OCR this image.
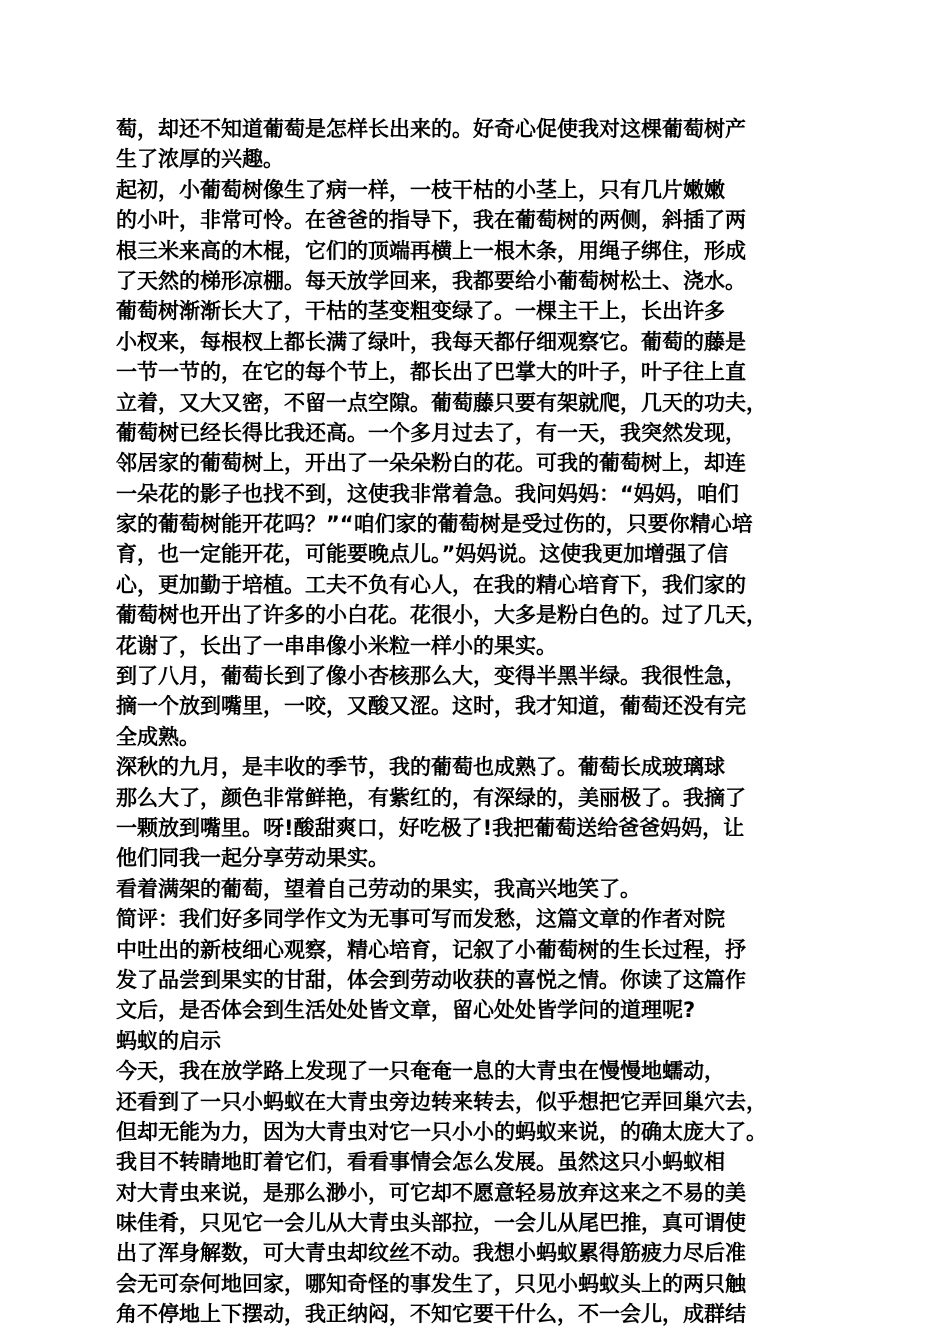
萄，却还不知道葡萄是怎样长出来的。好奇心促使我对这棵葡萄树产
生了浓厚的兴趣。
起初，小葡萄树像生了病一样，一枝干枯的小茎上，只有几片嫩嫩
的小叶，非常可怜。在爸爸的指导下，我在葡萄树的两侧，斜插了两
根三米来高的木棍，它们的顶端再横上一根木条，用绳子绑住，形成
了天然的梯形凉棚。每天放学回来，我都要给小葡萄树松土、浇水。
葡萄树渐渐长大了，干枯的茎变粗变绿了。一棵主干上，长出许多
小杈来，每根杈上都长满了绿叶，我每天都仔细观察它。葡萄的藤是
一节一节的，在它的每个节上，都长出了巴掌大的叶子，叶子往上直
立着，又大又密，不留一点空隙。葡萄藤只要有架就爬，几天的功夫，
葡萄树已经长得比我还高。一个多月过去了，有一天，我突然发现，
邻居家的葡萄树上，开出了一朵朵粉白的花。可我的葡萄树上，却连
一朵花的影子也找不到，这使我非常着急。我问妈妈：“妈妈，咱们
家的葡萄树能开花吗？”“咱们家的葡萄树是受过伤的，只要你精心培
育，也一定能开花，可能要晚点儿。”妈妈说。这使我更加增强了信
心，更加勤于培植。工夫不负有心人，在我的精心培育下，我们家的
葡萄树也开出了许多的小白花。花很小，大多是粉白色的。过了几天，
花谢了，长出了一串串像小米粒一样小的果实。
到了八月，葡萄长到了像小杏核那么大，变得半黑半绿。我很性急，
摘一个放到嘴里，一咬，又酸又涩。这时，我才知道，葡萄还没有完
全成熟。
深秋的九月，是丰收的季节，我的葡萄也成熟了。葡萄长成玻璃球
那么大了，颜色非常鲜艳，有紫红的，有深绿的，美丽极了。我摘了
一颗放到嘴里。呀!酸甜爽口，好吃极了!我把葡萄送给爸爸妈妈，让
他们同我一起分享劳动果实。
看着满架的葡萄，望着自己劳动的果实，我高兴地笑了。
简评：我们好多同学作文为无事可写而发愁，这篇文章的作者对院
中吐出的新枝细心观察，精心培育，记叙了小葡萄树的生长过程，抒
发了品尝到果实的甘甜，体会到劳动收获的喜悦之情。你读了这篇作
文后，是否体会到生活处处皆文章，留心处处皆学问的道理呢?
蚂蚁的启示
今天，我在放学路上发现了一只奄奄一息的大青虫在慢慢地蠕动，
还看到了一只小蚂蚁在大青虫旁边转来转去，似乎想把它弄回巢穴去，
但却无能为力，因为大青虫对它一只小小的蚂蚁来说，的确太庞大了。
我目不转睛地盯着它们，看看事情会怎么发展。虽然这只小蚂蚁相
对大青虫来说，是那么渺小，可它却不愿意轻易放弃这来之不易的美
味佳肴，只见它一会儿从大青虫头部拉，一会儿从尾巴推，真可谓使
出了浑身解数，可大青虫却纹丝不动。我想小蚂蚁累得筋疲力尽后准
会无可奈何地回家，哪知奇怪的事发生了，只见小蚂蚁头上的两只触
角不停地上下摆动，我正纳闷，不知它要干什么，不一会儿，成群结
